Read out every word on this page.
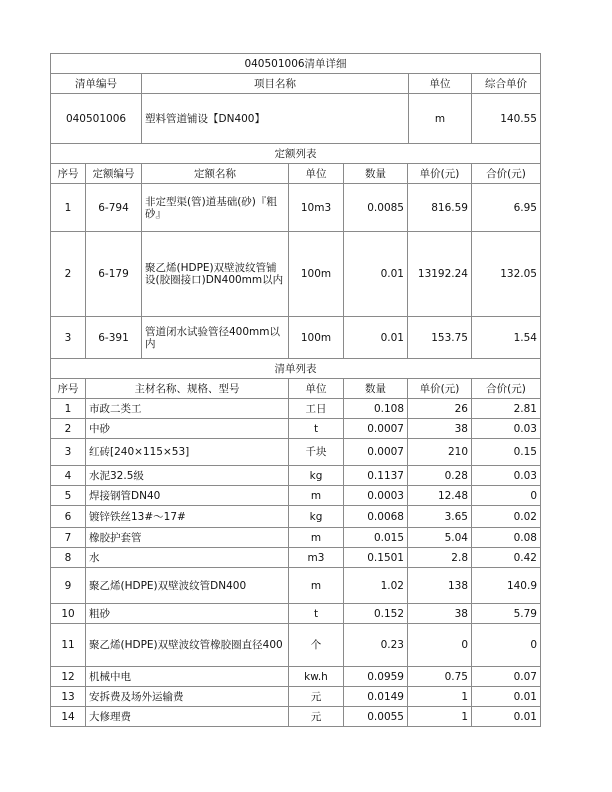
040501006清单详细			
清单编号	项目名称	单位	综合单价
040501006	塑料管道铺设【DN400】	m	140.55
定额列表						
序号	定额编号	定额名称	单位	数量	单价(元)	合价(元)
1	6-794	非定型渠(管)道基础(砂)『粗砂』	10m3	0.0085	816.59	6.95
2	6-179	聚乙烯(HDPE)双壁波纹管铺设(胶圈接口)DN400mm以内	100m	0.01	13192.24	132.05
3	6-391	管道闭水试验管径400mm以内	100m	0.01	153.75	1.54
清单列表						
序号	主材名称、规格、型号		单位	数量	单价(元)	合价(元)
1	市政二类工		工日	0.108	26	2.81
2	中砂		t	0.0007	38	0.03
3	红砖[240×115×53]		千块	0.0007	210	0.15
4	水泥32.5级		kg	0.1137	0.28	0.03
5	焊接钢管DN40		m	0.0003	12.48	0
6	镀锌铁丝13#～17#		kg	0.0068	3.65	0.02
7	橡胶护套管		m	0.015	5.04	0.08
8	水		m3	0.1501	2.8	0.42
9	聚乙烯(HDPE)双壁波纹管DN400		m	1.02	138	140.9
10	粗砂		t	0.152	38	5.79
11	聚乙烯(HDPE)双壁波纹管橡胶圈直径400		个	0.23	0	0
12	机械中电		kw.h	0.0959	0.75	0.07
13	安拆费及场外运输费		元	0.0149	1	0.01
14	大修理费		元	0.0055	1	0.01
